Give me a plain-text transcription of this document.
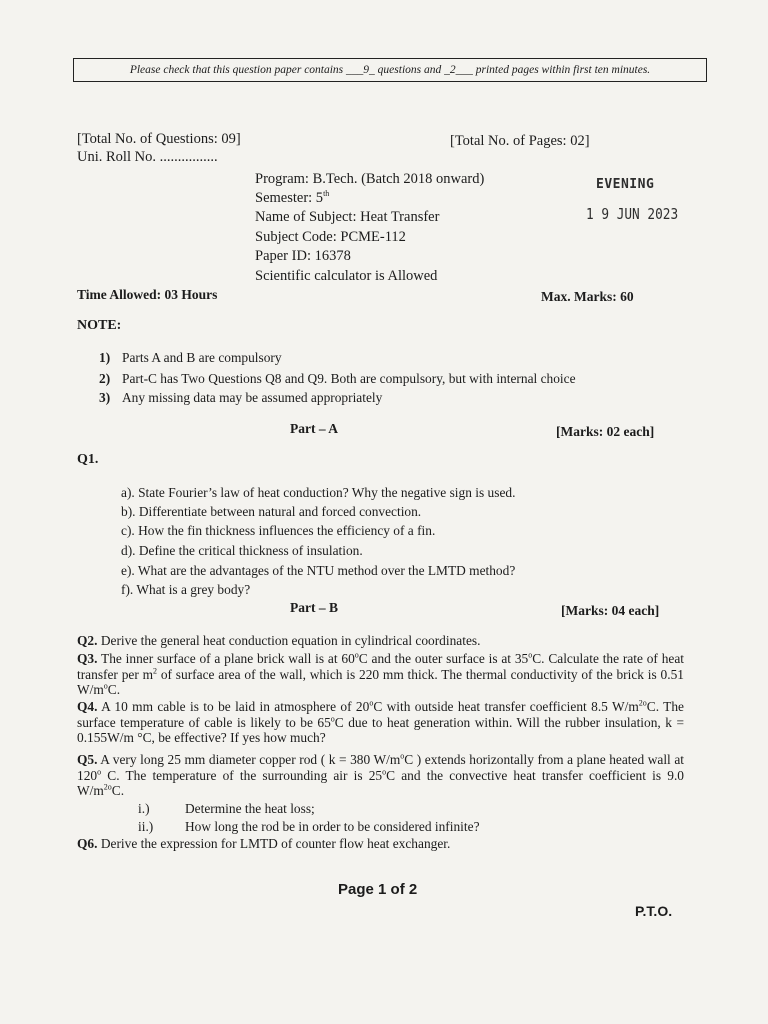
Please check that this question paper contains ___9_ questions and _2___ printed pages within first ten minutes.
[Total No. of Questions: 09]	[Total No. of Pages: 02]
Uni. Roll No. ................
Program: B.Tech. (Batch 2018 onward)
Semester: 5th
Name of Subject: Heat Transfer
Subject Code: PCME-112
Paper ID: 16378
Scientific calculator is Allowed
EVENING
1 9 JUN 2023
Time Allowed: 03 Hours	Max. Marks: 60
NOTE:
1) Parts A and B are compulsory
2) Part-C has Two Questions Q8 and Q9. Both are compulsory, but with internal choice
3) Any missing data may be assumed appropriately
Part – A	[Marks: 02 each]
Q1.
a). State Fourier’s law of heat conduction? Why the negative sign is used.
b). Differentiate between natural and forced convection.
c). How the fin thickness influences the efficiency of a fin.
d). Define the critical thickness of insulation.
e). What are the advantages of the NTU method over the LMTD method?
f). What is a grey body?
Part – B	[Marks: 04 each]
Q2. Derive the general heat conduction equation in cylindrical coordinates.
Q3. The inner surface of a plane brick wall is at 60$^o$C and the outer surface is at 35$^o$C. Calculate the rate of heat transfer per $m^2$ of surface area of the wall, which is 220 mm thick. The thermal conductivity of the brick is 0.51 $W/m^oC$.
Q4. A 10 mm cable is to be laid in atmosphere of 20$^o$C with outside heat transfer coefficient 8.5 $W/m^{2o}C$. The surface temperature of cable is likely to be 65$^o$C due to heat generation within. Will the rubber insulation, k = 0.155W/m °C, be effective? If yes how much?
Q5. A very long 25 mm diameter copper rod ( k = 380 $W/m^oC$ ) extends horizontally from a plane heated wall at 120$^o$ C. The temperature of the surrounding air is 25$^o$C and the convective heat transfer coefficient is 9.0 $W/m^{2o}C$.
i.)	Determine the heat loss;
ii.) How long the rod be in order to be considered infinite?
Q6. Derive the expression for LMTD of counter flow heat exchanger.
Page 1 of 2
P.T.O.
